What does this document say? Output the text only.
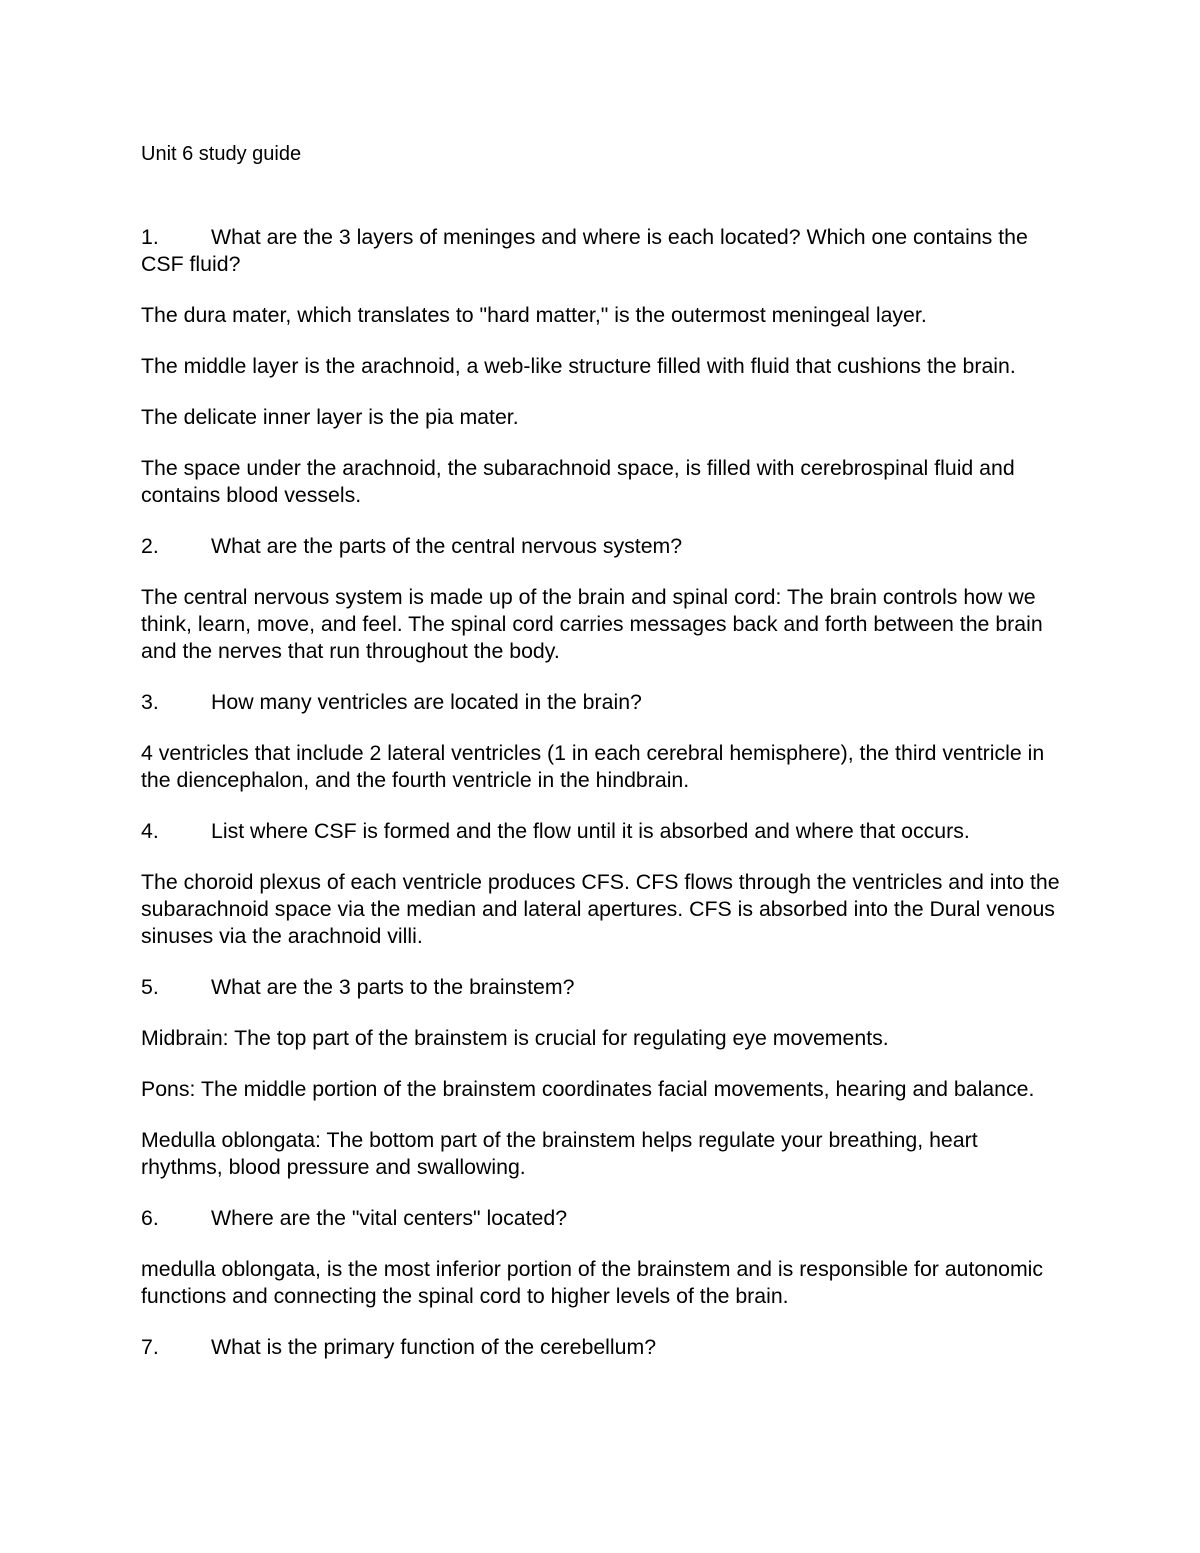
Unit 6 study guide
1. What are the 3 layers of meninges and where is each located? Which one contains the CSF fluid?
The dura mater, which translates to "hard matter," is the outermost meningeal layer.
The middle layer is the arachnoid, a web-like structure filled with fluid that cushions the brain.
The delicate inner layer is the pia mater.
The space under the arachnoid, the subarachnoid space, is filled with cerebrospinal fluid and contains blood vessels.
2.	What are the parts of the central nervous system?
The central nervous system is made up of the brain and spinal cord: The brain controls how we think, learn, move, and feel. The spinal cord carries messages back and forth between the brain and the nerves that run throughout the body.
3.	How many ventricles are located in the brain?
4 ventricles that include 2 lateral ventricles (1 in each cerebral hemisphere), the third ventricle in the diencephalon, and the fourth ventricle in the hindbrain.
4.	List where CSF is formed and the flow until it is absorbed and where that occurs.
The choroid plexus of each ventricle produces CFS. CFS flows through the ventricles and into the subarachnoid space via the median and lateral apertures. CFS is absorbed into the Dural venous sinuses via the arachnoid villi.
5.	What are the 3 parts to the brainstem?
Midbrain: The top part of the brainstem is crucial for regulating eye movements.
Pons: The middle portion of the brainstem coordinates facial movements, hearing and balance.
Medulla oblongata: The bottom part of the brainstem helps regulate your breathing, heart rhythms, blood pressure and swallowing.
6.	Where are the "vital centers" located?
medulla oblongata, is the most inferior portion of the brainstem and is responsible for autonomic functions and connecting the spinal cord to higher levels of the brain.
7.	What is the primary function of the cerebellum?
